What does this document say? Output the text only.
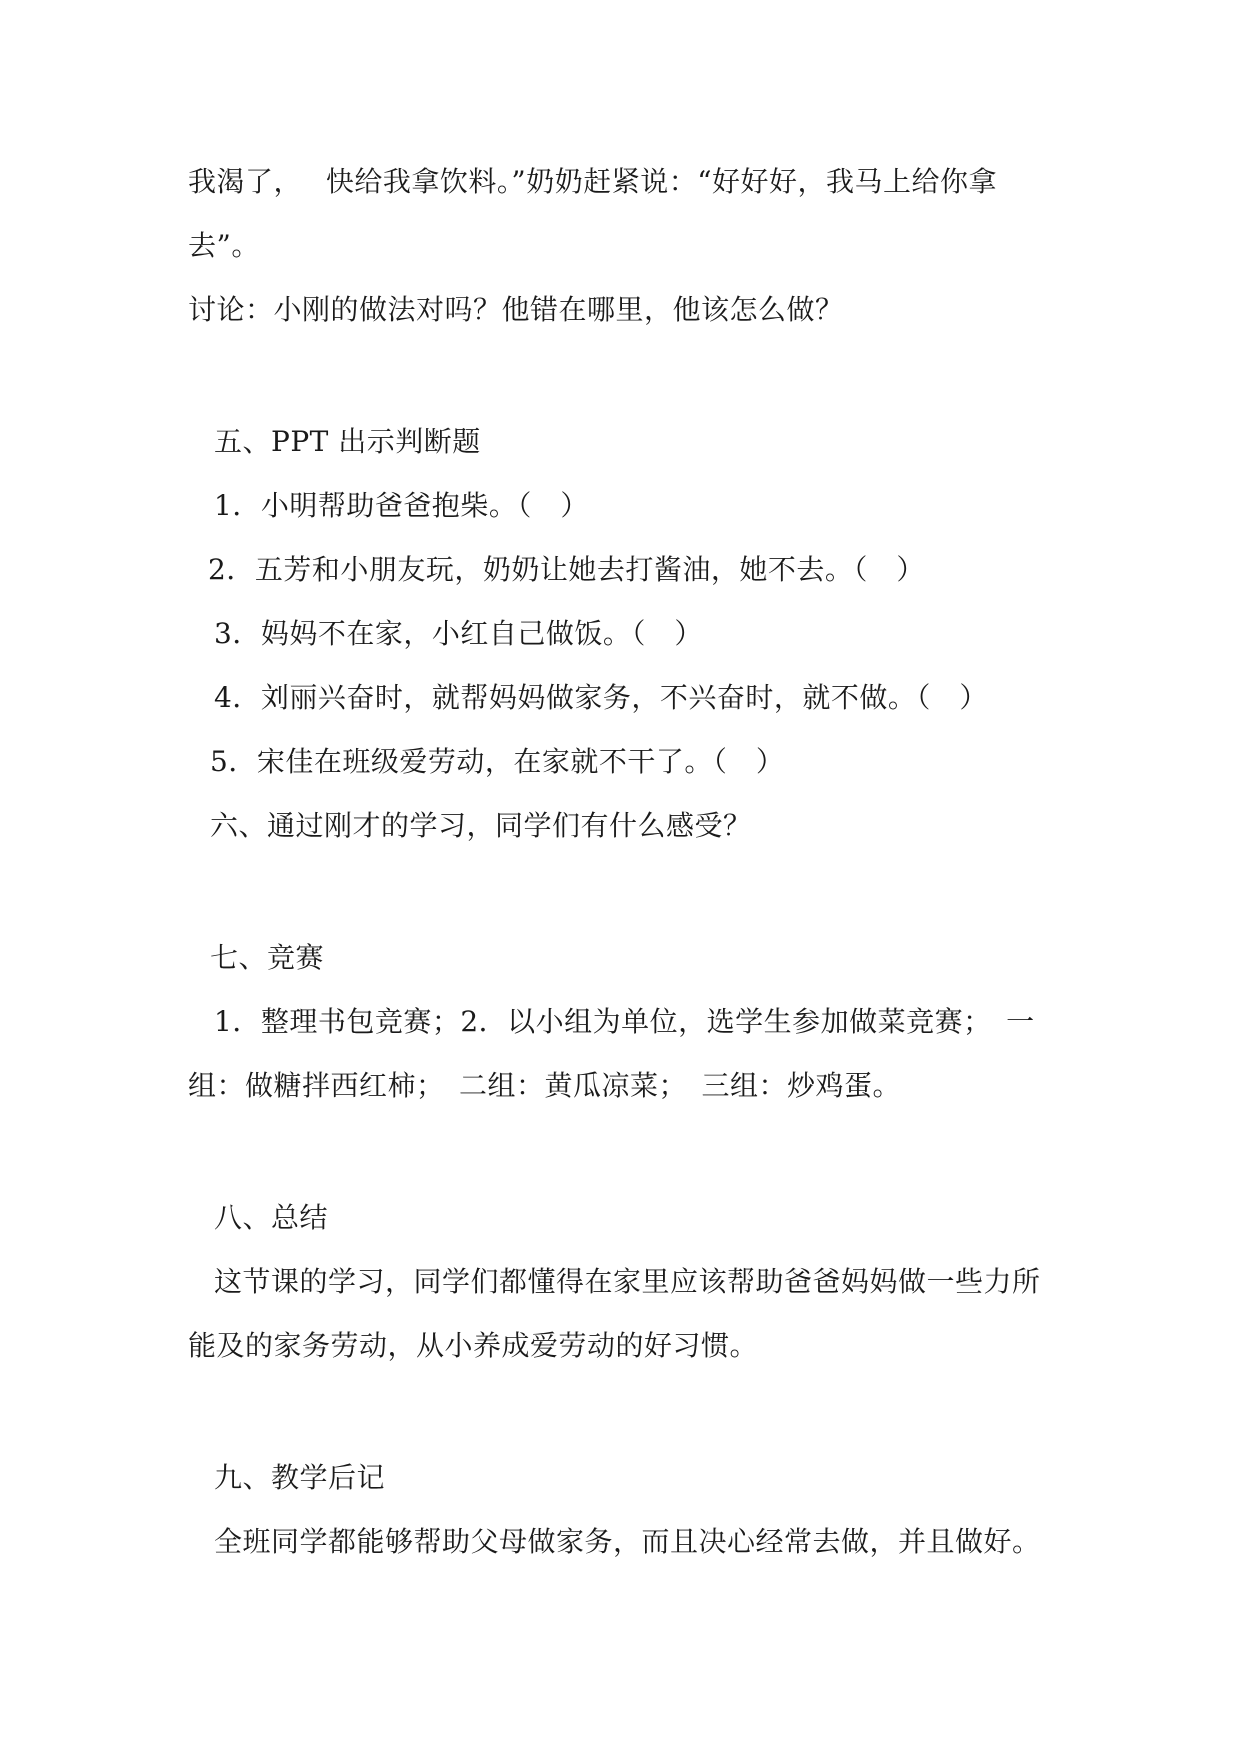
我渴了，　 快给我拿饮料。”奶奶赶紧说：“好好好，我马上给你拿
去”。
讨论：小刚的做法对吗？他错在哪里，他该怎么做？
五、PPT 出示判断题
1．小明帮助爸爸抱柴。（　）
2．五芳和小朋友玩，奶奶让她去打酱油，她不去。（　）
3．妈妈不在家，小红自己做饭。（　）
4．刘丽兴奋时，就帮妈妈做家务，不兴奋时，就不做。（　）
5．宋佳在班级爱劳动，在家就不干了。（　）
六、通过刚才的学习，同学们有什么感受？
七、竞赛
1．整理书包竞赛；2．以小组为单位，选学生参加做菜竞赛；　一
组：做糖拌西红柿；　二组：黄瓜凉菜；　三组：炒鸡蛋。
八、总结
这节课的学习，同学们都懂得在家里应该帮助爸爸妈妈做一些力所
能及的家务劳动，从小养成爱劳动的好习惯。
九、教学后记
全班同学都能够帮助父母做家务，而且决心经常去做，并且做好。
